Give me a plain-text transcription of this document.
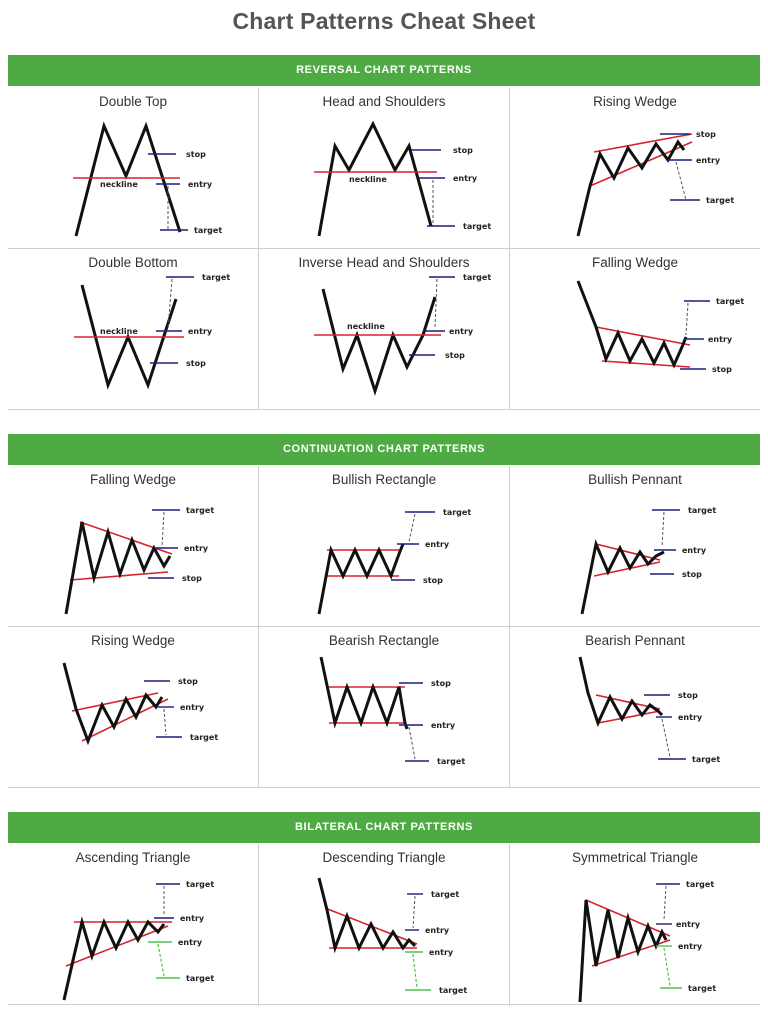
Chart Patterns Cheat Sheet
REVERSAL CHART PATTERNS
Double Top
neckline
stop
entry
target
Head and Shoulders
neckline
stop
entry
target
Rising Wedge
stop
entry
target
Double Bottom
neckline
target
entry
stop
Inverse Head and Shoulders
neckline
target
entry
stop
Falling Wedge
target
entry
stop
CONTINUATION CHART PATTERNS
Falling Wedge
target
entry
stop
Bullish Rectangle
target
entry
stop
Bullish Pennant
target
entry
stop
Rising Wedge
stop
entry
target
Bearish Rectangle
stop
entry
target
Bearish Pennant
stop
entry
target
BILATERAL CHART PATTERNS
Ascending Triangle
target
entry
entry
target
Descending Triangle
target
entry
entry
target
Symmetrical Triangle
target
entry
entry
target
